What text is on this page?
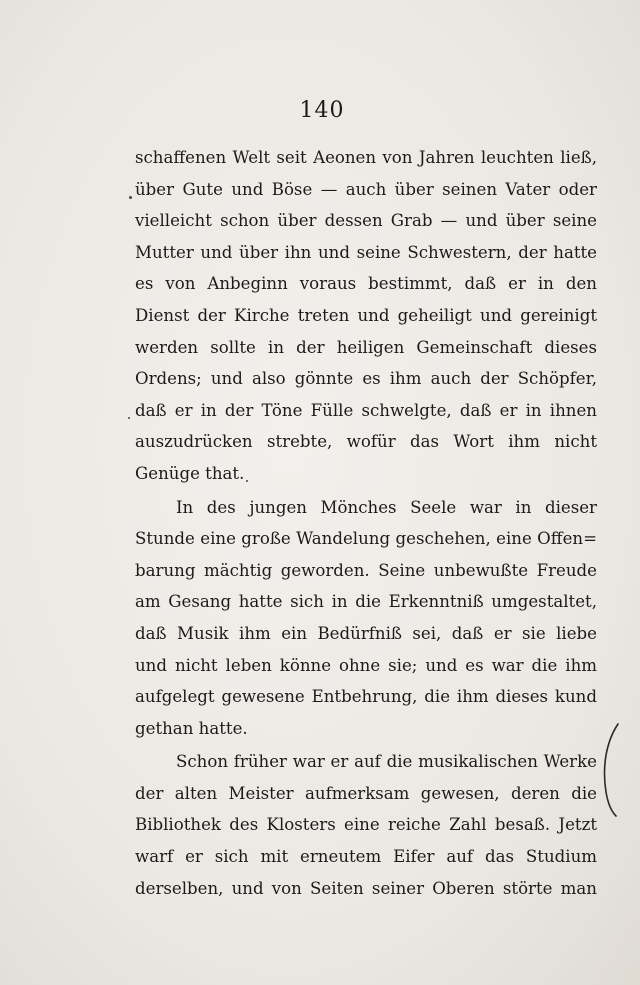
140
schaffenen Welt seit Aeonen von Jahren leuchten ließ,
über Gute und Böse — auch über seinen Vater oder
vielleicht schon über dessen Grab — und über seine
Mutter und über ihn und seine Schwestern, der hatte
es von Anbeginn voraus bestimmt, daß er in den
Dienst der Kirche treten und geheiligt und gereinigt
werden sollte in der heiligen Gemeinschaft dieses
Ordens; und also gönnte es ihm auch der Schöpfer,
daß er in der Töne Fülle schwelgte, daß er in ihnen
auszudrücken strebte, wofür das Wort ihm nicht
Genüge that.
In des jungen Mönches Seele war in dieser
Stunde eine große Wandelung geschehen, eine Offen=
barung mächtig geworden. Seine unbewußte Freude
am Gesang hatte sich in die Erkenntniß umgestaltet,
daß Musik ihm ein Bedürfniß sei, daß er sie liebe
und nicht leben könne ohne sie; und es war die ihm
aufgelegt gewesene Entbehrung, die ihm dieses kund
gethan hatte.
Schon früher war er auf die musikalischen Werke
der alten Meister aufmerksam gewesen, deren die
Bibliothek des Klosters eine reiche Zahl besaß. Jetzt
warf er sich mit erneutem Eifer auf das Studium
derselben, und von Seiten seiner Oberen störte man
